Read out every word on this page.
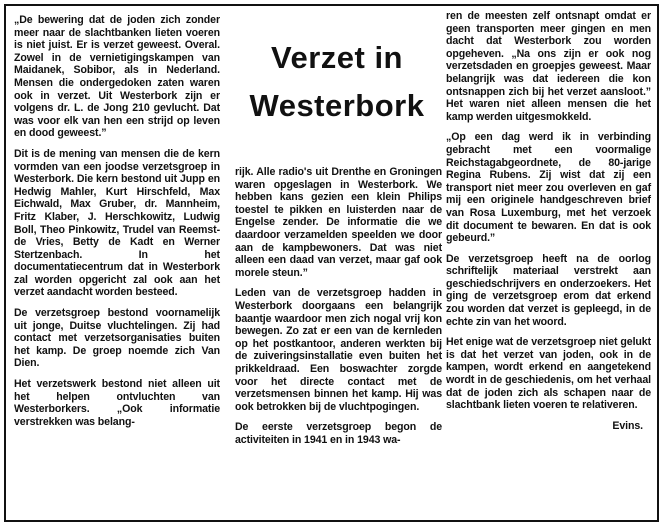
„De bewering dat de joden zich zonder meer naar de slachtbanken lieten voeren is niet juist. Er is verzet geweest. Overal. Zowel in de vernietigingskampen van Maidanek, Sobibor, als in Nederland. Mensen die ondergedoken zaten waren ook in verzet. Uit Westerbork zijn er volgens dr. L. de Jong 210 gevlucht. Dat was voor elk van hen een strijd op leven en dood geweest.”

Dit is de mening van mensen die de kern vormden van een joodse verzetsgroep in Westerbork. Die kern bestond uit Jupp en Hedwig Mahler, Kurt Hirschfeld, Max Eichwald, Max Gruber, dr. Mannheim, Fritz Klaber, J. Herschkowitz, Ludwig Boll, Theo Pinkowitz, Trudel van Reemst-de Vries, Betty de Kadt en Werner Stertzenbach. In het documentatiecentrum dat in Westerbork zal worden opgericht zal ook aan het verzet aandacht worden besteed.

De verzetsgroep bestond voornamelijk uit jonge, Duitse vluchtelingen. Zij had contact met verzetsorganisaties buiten het kamp. De groep noemde zich Van Dien.

Het verzetswerk bestond niet alleen uit het helpen ontvluchten van Westerborkers. „Ook informatie verstrekken was belang-

Verzet in
Westerbork

rijk. Alle radio's uit Drenthe en Groningen waren opgeslagen in Westerbork. We hebben kans gezien een klein Philips toestel te pikken en luisterden naar de Engelse zender. De informatie die we daardoor verzamelden speelden we door aan de kampbewoners. Dat was niet alleen een daad van verzet, maar gaf ook morele steun.”

Leden van de verzetsgroep hadden in Westerbork doorgaans een belangrijk baantje waardoor men zich nogal vrij kon bewegen. Zo zat er een van de kernleden op het postkantoor, anderen werkten bij de zuiveringsinstallatie even buiten het prikkeldraad. Een boswachter zorgde voor het directe contact met de verzetsmensen binnen het kamp. Hij was ook betrokken bij de vluchtpogingen.

De eerste verzetsgroep begon de activiteiten in 1941 en in 1943 wa-

ren de meesten zelf ontsnapt omdat er geen transporten meer gingen en men dacht dat Westerbork zou worden opgeheven. „Na ons zijn er ook nog verzetsdaden en groepjes geweest. Maar belangrijk was dat iedereen die kon ontsnappen zich bij het verzet aansloot.” Het waren niet alleen mensen die het kamp werden uitgesmokkeld.

„Op een dag werd ik in verbinding gebracht met een voormalige Reichstagabgeordnete, de 80-jarige Regina Rubens. Zij wist dat zij een transport niet meer zou overleven en gaf mij een originele handgeschreven brief van Rosa Luxemburg, met het verzoek dit document te bewaren. En dat is ook gebeurd.”

De verzetsgroep heeft na de oorlog schriftelijk materiaal verstrekt aan geschiedschrijvers en onderzoekers. Het ging de verzetsgroep erom dat erkend zou worden dat verzet is gepleegd, in de echte zin van het woord.

Het enige wat de verzetsgroep niet gelukt is dat het verzet van joden, ook in de kampen, wordt erkend en aangetekend wordt in de geschiedenis, om het verhaal dat de joden zich als schapen naar de slachtbank lieten voeren te relativeren.

Evins.
